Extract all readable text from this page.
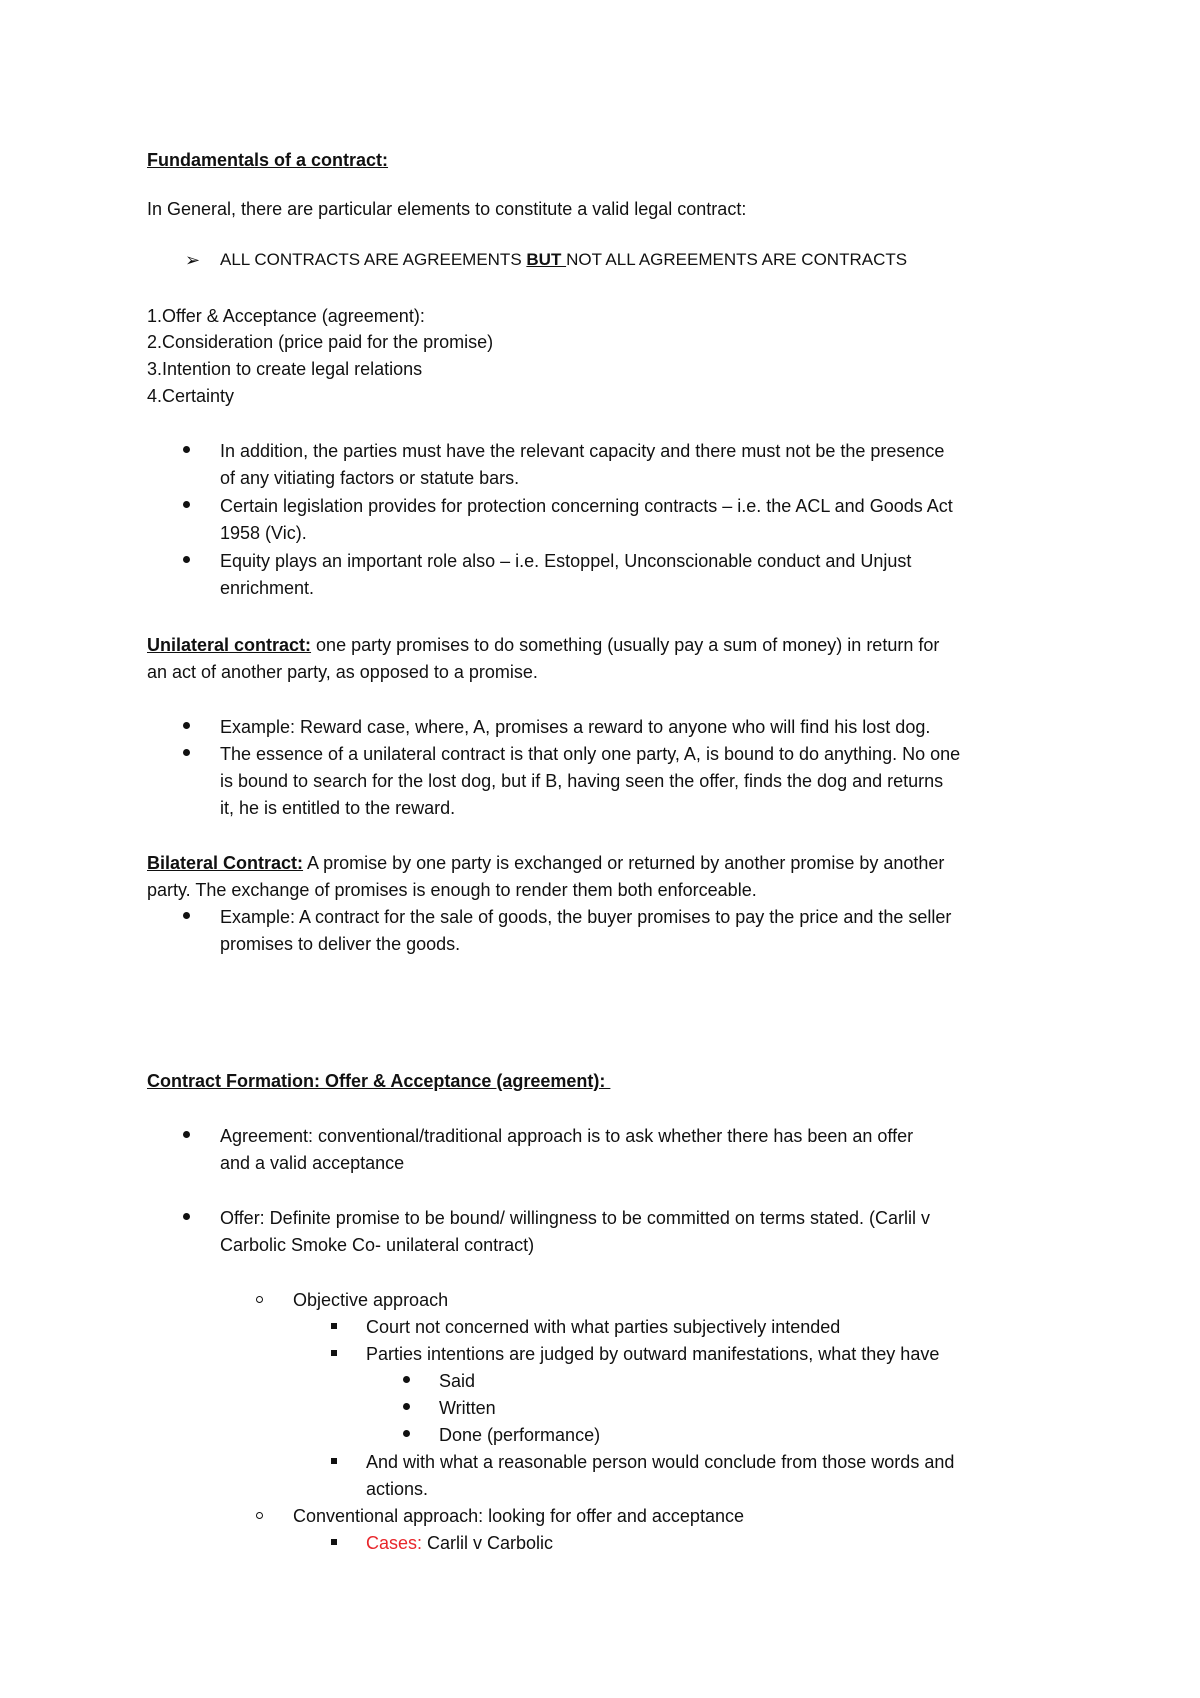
Fundamentals of a contract:
In General, there are particular elements to constitute a valid legal contract:
➢ ALL CONTRACTS ARE AGREEMENTS BUT NOT ALL AGREEMENTS ARE CONTRACTS
1.Offer & Acceptance (agreement):
2.Consideration (price paid for the promise)
3.Intention to create legal relations
4.Certainty
In addition, the parties must have the relevant capacity and there must not be the presence
of any vitiating factors or statute bars.
Certain legislation provides for protection concerning contracts – i.e. the ACL and Goods Act
1958 (Vic).
Equity plays an important role also – i.e. Estoppel, Unconscionable conduct and Unjust
enrichment.
Unilateral contract: one party promises to do something (usually pay a sum of money) in return for
an act of another party, as opposed to a promise.
Example: Reward case, where, A, promises a reward to anyone who will find his lost dog.
The essence of a unilateral contract is that only one party, A, is bound to do anything. No one
is bound to search for the lost dog, but if B, having seen the offer, finds the dog and returns
it, he is entitled to the reward.
Bilateral Contract: A promise by one party is exchanged or returned by another promise by another
party. The exchange of promises is enough to render them both enforceable.
Example: A contract for the sale of goods, the buyer promises to pay the price and the seller
promises to deliver the goods.
Contract Formation: Offer & Acceptance (agreement):
Agreement: conventional/traditional approach is to ask whether there has been an offer
and a valid acceptance
Offer: Definite promise to be bound/ willingness to be committed on terms stated. (Carlil v
Carbolic Smoke Co- unilateral contract)
Objective approach
Court not concerned with what parties subjectively intended
Parties intentions are judged by outward manifestations, what they have
Said
Written
Done (performance)
And with what a reasonable person would conclude from those words and
actions.
Conventional approach: looking for offer and acceptance
Cases: Carlil v Carbolic
